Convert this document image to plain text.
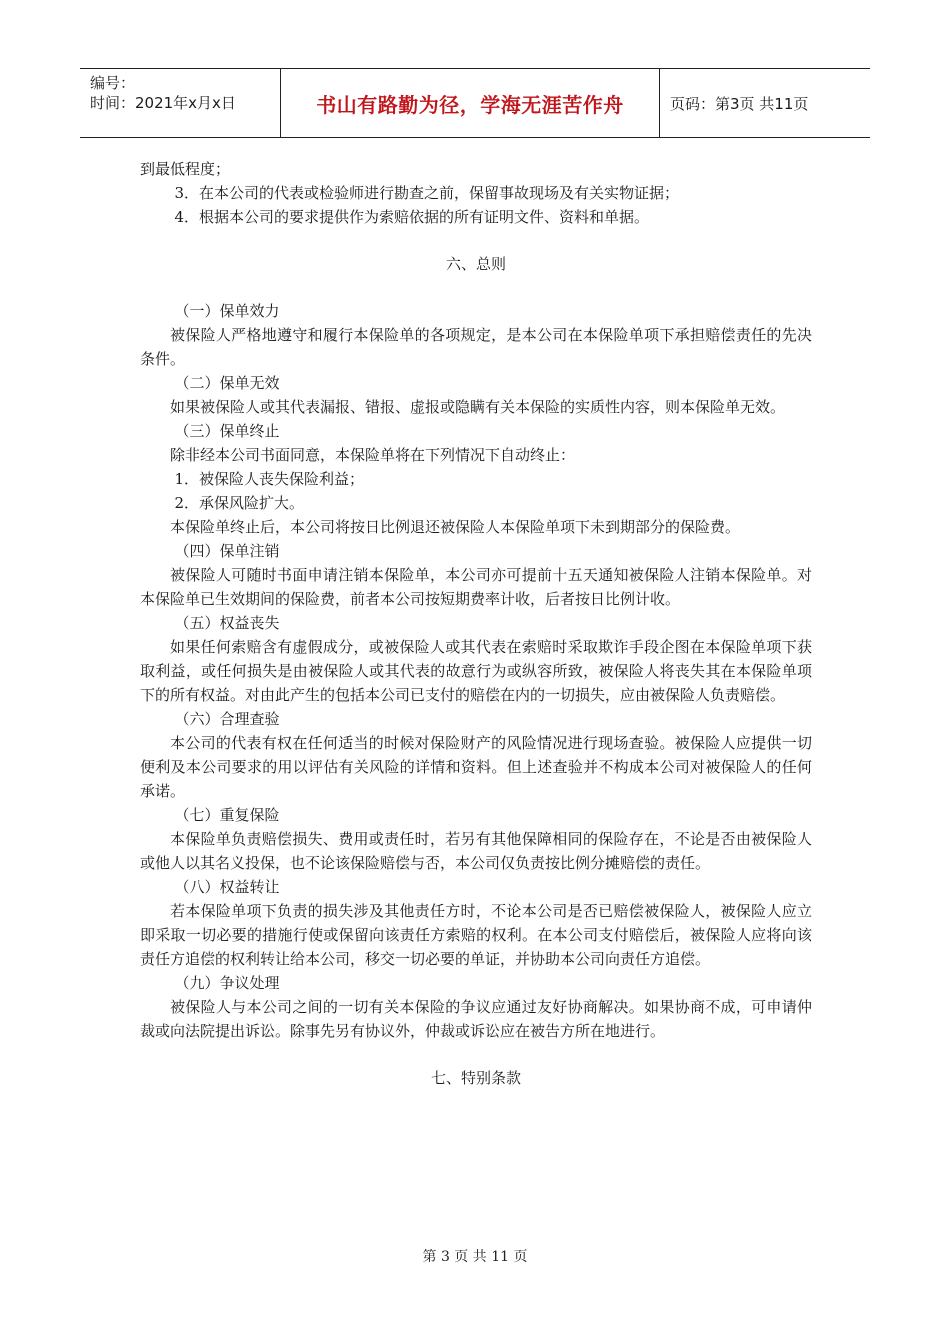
编号：
时间：2021年x月x日	书山有路勤为径，学海无涯苦作舟	页码：第3页 共11页

到最低程度；

3．在本公司的代表或检验师进行勘查之前，保留事故现场及有关实物证据；

4．根据本公司的要求提供作为索赔依据的所有证明文件、资料和单据。

六、总则

（一）保单效力

被保险人严格地遵守和履行本保险单的各项规定，是本公司在本保险单项下承担赔偿责任的先决条件。

（二）保单无效

如果被保险人或其代表漏报、错报、虚报或隐瞒有关本保险的实质性内容，则本保险单无效。

（三）保单终止

除非经本公司书面同意，本保险单将在下列情况下自动终止：

1．被保险人丧失保险利益；

2．承保风险扩大。

本保险单终止后，本公司将按日比例退还被保险人本保险单项下未到期部分的保险费。

（四）保单注销

被保险人可随时书面申请注销本保险单，本公司亦可提前十五天通知被保险人注销本保险单。对本保险单已生效期间的保险费，前者本公司按短期费率计收，后者按日比例计收。

（五）权益丧失

如果任何索赔含有虚假成分，或被保险人或其代表在索赔时采取欺诈手段企图在本保险单项下获取利益，或任何损失是由被保险人或其代表的故意行为或纵容所致，被保险人将丧失其在本保险单项下的所有权益。对由此产生的包括本公司已支付的赔偿在内的一切损失，应由被保险人负责赔偿。

（六）合理查验

本公司的代表有权在任何适当的时候对保险财产的风险情况进行现场查验。被保险人应提供一切便利及本公司要求的用以评估有关风险的详情和资料。但上述查验并不构成本公司对被保险人的任何承诺。

（七）重复保险

本保险单负责赔偿损失、费用或责任时，若另有其他保障相同的保险存在，不论是否由被保险人或他人以其名义投保，也不论该保险赔偿与否，本公司仅负责按比例分摊赔偿的责任。

（八）权益转让

若本保险单项下负责的损失涉及其他责任方时，不论本公司是否已赔偿被保险人，被保险人应立即采取一切必要的措施行使或保留向该责任方索赔的权利。在本公司支付赔偿后，被保险人应将向该责任方追偿的权利转让给本公司，移交一切必要的单证，并协助本公司向责任方追偿。

（九）争议处理

被保险人与本公司之间的一切有关本保险的争议应通过友好协商解决。如果协商不成，可申请仲裁或向法院提出诉讼。除事先另有协议外，仲裁或诉讼应在被告方所在地进行。

七、特别条款

第 3 页 共 11 页
